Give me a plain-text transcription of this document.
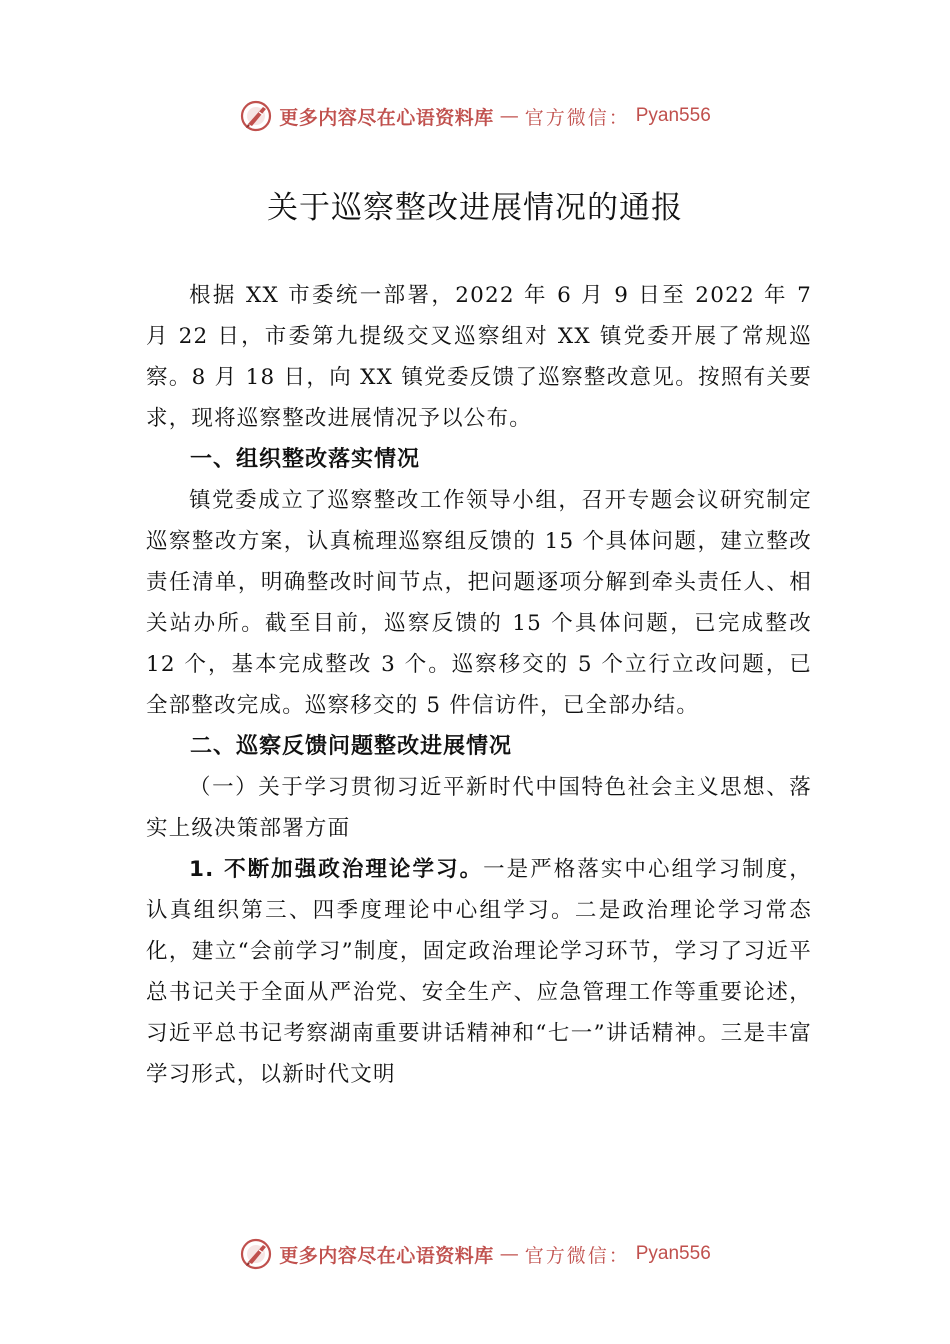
更多内容尽在心语资料库 — 官方微信： Pyan556
关于巡察整改进展情况的通报

根据 XX 市委统一部署，2022 年 6 月 9 日至 2022 年 7 月 22 日，市委第九提级交叉巡察组对 XX 镇党委开展了常规巡察。8 月 18 日，向 XX 镇党委反馈了巡察整改意见。按照有关要求，现将巡察整改进展情况予以公布。

一、组织整改落实情况

镇党委成立了巡察整改工作领导小组，召开专题会议研究制定巡察整改方案，认真梳理巡察组反馈的 15 个具体问题，建立整改责任清单，明确整改时间节点，把问题逐项分解到牵头责任人、相关站办所。截至目前，巡察反馈的 15 个具体问题，已完成整改 12 个，基本完成整改 3 个。巡察移交的 5 个立行立改问题，已全部整改完成。巡察移交的 5 件信访件，已全部办结。

二、巡察反馈问题整改进展情况

（一）关于学习贯彻习近平新时代中国特色社会主义思想、落实上级决策部署方面

1. 不断加强政治理论学习。一是严格落实中心组学习制度，认真组织第三、四季度理论中心组学习。二是政治理论学习常态化，建立“会前学习”制度，固定政治理论学习环节，学习了习近平总书记关于全面从严治党、安全生产、应急管理工作等重要论述，习近平总书记考察湖南重要讲话精神和“七一”讲话精神。三是丰富学习形式，以新时代文明

更多内容尽在心语资料库 — 官方微信： Pyan556
